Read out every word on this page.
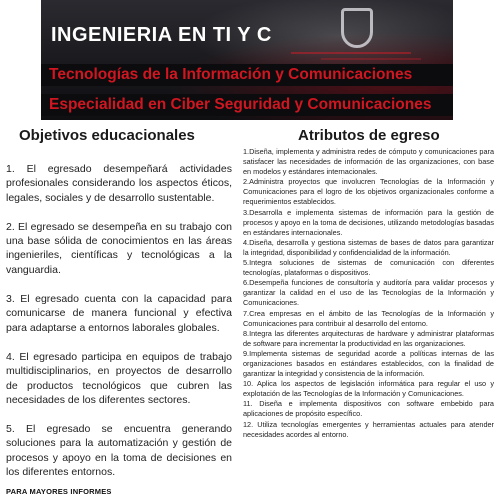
INGENIERIA EN TI Y C
Tecnologías de la Información y Comunicaciones
Especialidad en Ciber Seguridad y Comunicaciones
Objetivos educacionales	Atributos de egreso

1. El egresado desempeñará actividades profesionales considerando los aspectos éticos, legales, sociales y de desarrollo sustentable.

2. El egresado se desempeña en su trabajo con una base sólida de conocimientos en las áreas ingenieriles, científicas y tecnológicas a la vanguardia.

3. El egresado cuenta con la capacidad para comunicarse de manera funcional y efectiva para adaptarse a entornos laborales globales.

4. El egresado participa en equipos de trabajo multidisciplinarios, en proyectos de desarrollo de productos tecnológicos que cubren las necesidades de los diferentes sectores.

5. El egresado se encuentra generando soluciones para la automatización y gestión de procesos y apoyo en la toma de decisiones en los diferentes entornos.

1.Diseña, implementa y administra redes de cómputo y comunicaciones para satisfacer las necesidades de información de las organizaciones, con base en modelos y estándares internacionales.

2.Administra proyectos que involucren Tecnologías de la Información y Comunicaciones para el logro de los objetivos organizacionales conforme a requerimientos establecidos.

3.Desarrolla e implementa sistemas de información para la gestión de procesos y apoyo en la toma de decisiones, utilizando metodologías basadas en estándares internacionales.

4.Diseña, desarrolla y gestiona sistemas de bases de datos para garantizar la integridad, disponibilidad y confidencialidad de la información.

5.Integra soluciones de sistemas de comunicación con diferentes tecnologías, plataformas o dispositivos.

6.Desempeña funciones de consultoría y auditoría para validar procesos y garantizar la calidad en el uso de las Tecnologías de la Información y Comunicaciones.

7.Crea empresas en el ámbito de las Tecnologías de la Información y Comunicaciones para contribuir al desarrollo del entorno.

8.Integra las diferentes arquitecturas de hardware y administrar plataformas de software para incrementar la productividad en las organizaciones.

9.Implementa sistemas de seguridad acorde a políticas internas de las organizaciones basados en estándares establecidos, con la finalidad de garantizar la integridad y consistencia de la información.

10. Aplica los aspectos de legislación informática para regular el uso y explotación de las Tecnologías de la Información y Comunicaciones.

11. Diseña e implementa dispositivos con software embebido para aplicaciones de propósito específico.

12. Utiliza tecnologías emergentes y herramientas actuales para atender necesidades acordes al entorno.

PARA MAYORES INFORMES
